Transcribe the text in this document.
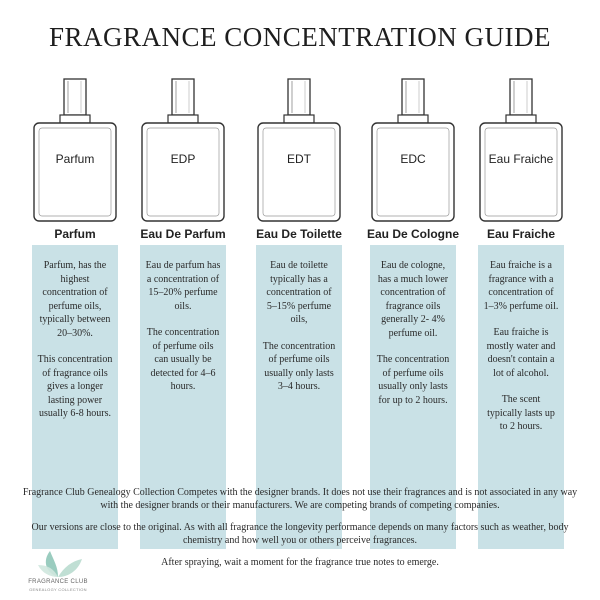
FRAGRANCE CONCENTRATION GUIDE
Parfum
Parfum

Parfum, has the highest concentration of perfume oils, typically between 20–30%.

This concentration of fragrance oils gives a longer lasting power usually 6-8 hours.

EDP
Eau De Parfum

Eau de parfum has a concentration of 15–20% perfume oils.

The concentration of perfume oils can usually be detected for 4–6 hours.

EDT
Eau De Toilette

Eau de toilette typically has a concentration of 5–15% perfume oils,

The concentration of perfume oils usually only lasts 3–4 hours.

EDC
Eau De Cologne

Eau de cologne, has a much lower concentration of fragrance oils generally 2- 4% perfume oil.

The concentration of perfume oils usually only lasts for up to 2 hours.

Eau Fraiche
Eau Fraiche

Eau fraiche is a fragrance with a concentration of 1–3% perfume oil.

Eau fraiche is mostly water and doesn't contain a lot of alcohol.

The scent typically lasts up to 2 hours.

Fragrance Club Genealogy Collection Competes with the designer brands. It does not use their fragrances and is not associated in any way with the designer brands or their manufacturers. We are competing brands of competing companies.

Our versions are close to the original. As with all fragrance the longevity performance depends on many factors such as weather, body chemistry and how well you or others perceive fragrances.

After spraying, wait a moment for the fragrance true notes to emerge.

FRAGRANCE CLUB
GENEALOGY COLLECTION
